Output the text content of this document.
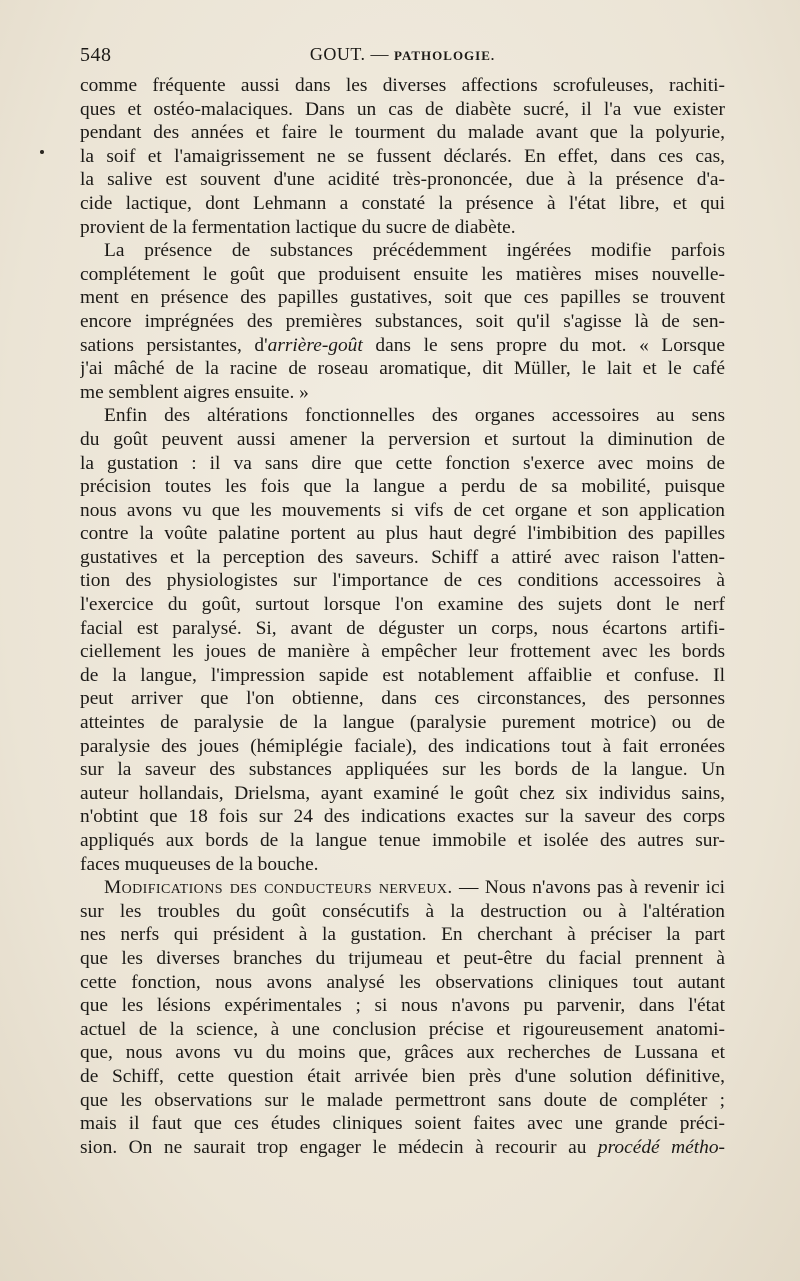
548	GOUT. — PATHOLOGIE.
comme fréquente aussi dans les diverses affections scrofuleuses, rachiti-
ques et ostéo-malaciques. Dans un cas de diabète sucré, il l'a vue exister
pendant des années et faire le tourment du malade avant que la polyurie,
la soif et l'amaigrissement ne se fussent déclarés. En effet, dans ces cas,
la salive est souvent d'une acidité très-prononcée, due à la présence d'a-
cide lactique, dont Lehmann a constaté la présence à l'état libre, et qui
provient de la fermentation lactique du sucre de diabète.
La présence de substances précédemment ingérées modifie parfois
complétement le goût que produisent ensuite les matières mises nouvelle-
ment en présence des papilles gustatives, soit que ces papilles se trouvent
encore imprégnées des premières substances, soit qu'il s'agisse là de sen-
sations persistantes, d'arrière-goût dans le sens propre du mot. « Lorsque
j'ai mâché de la racine de roseau aromatique, dit Müller, le lait et le café
me semblent aigres ensuite. »
Enfin des altérations fonctionnelles des organes accessoires au sens
du goût peuvent aussi amener la perversion et surtout la diminution de
la gustation : il va sans dire que cette fonction s'exerce avec moins de
précision toutes les fois que la langue a perdu de sa mobilité, puisque
nous avons vu que les mouvements si vifs de cet organe et son application
contre la voûte palatine portent au plus haut degré l'imbibition des papilles
gustatives et la perception des saveurs. Schiff a attiré avec raison l'atten-
tion des physiologistes sur l'importance de ces conditions accessoires à
l'exercice du goût, surtout lorsque l'on examine des sujets dont le nerf
facial est paralysé. Si, avant de déguster un corps, nous écartons artifi-
ciellement les joues de manière à empêcher leur frottement avec les bords
de la langue, l'impression sapide est notablement affaiblie et confuse. Il
peut arriver que l'on obtienne, dans ces circonstances, des personnes
atteintes de paralysie de la langue (paralysie purement motrice) ou de
paralysie des joues (hémiplégie faciale), des indications tout à fait erronées
sur la saveur des substances appliquées sur les bords de la langue. Un
auteur hollandais, Drielsma, ayant examiné le goût chez six individus sains,
n'obtint que 18 fois sur 24 des indications exactes sur la saveur des corps
appliqués aux bords de la langue tenue immobile et isolée des autres sur-
faces muqueuses de la bouche.
Modifications des conducteurs nerveux. — Nous n'avons pas à revenir ici
sur les troubles du goût consécutifs à la destruction ou à l'altération
nes nerfs qui président à la gustation. En cherchant à préciser la part
que les diverses branches du trijumeau et peut-être du facial prennent à
cette fonction, nous avons analysé les observations cliniques tout autant
que les lésions expérimentales ; si nous n'avons pu parvenir, dans l'état
actuel de la science, à une conclusion précise et rigoureusement anatomi-
que, nous avons vu du moins que, grâces aux recherches de Lussana et
de Schiff, cette question était arrivée bien près d'une solution définitive,
que les observations sur le malade permettront sans doute de compléter ;
mais il faut que ces études cliniques soient faites avec une grande préci-
sion. On ne saurait trop engager le médecin à recourir au procédé métho-
